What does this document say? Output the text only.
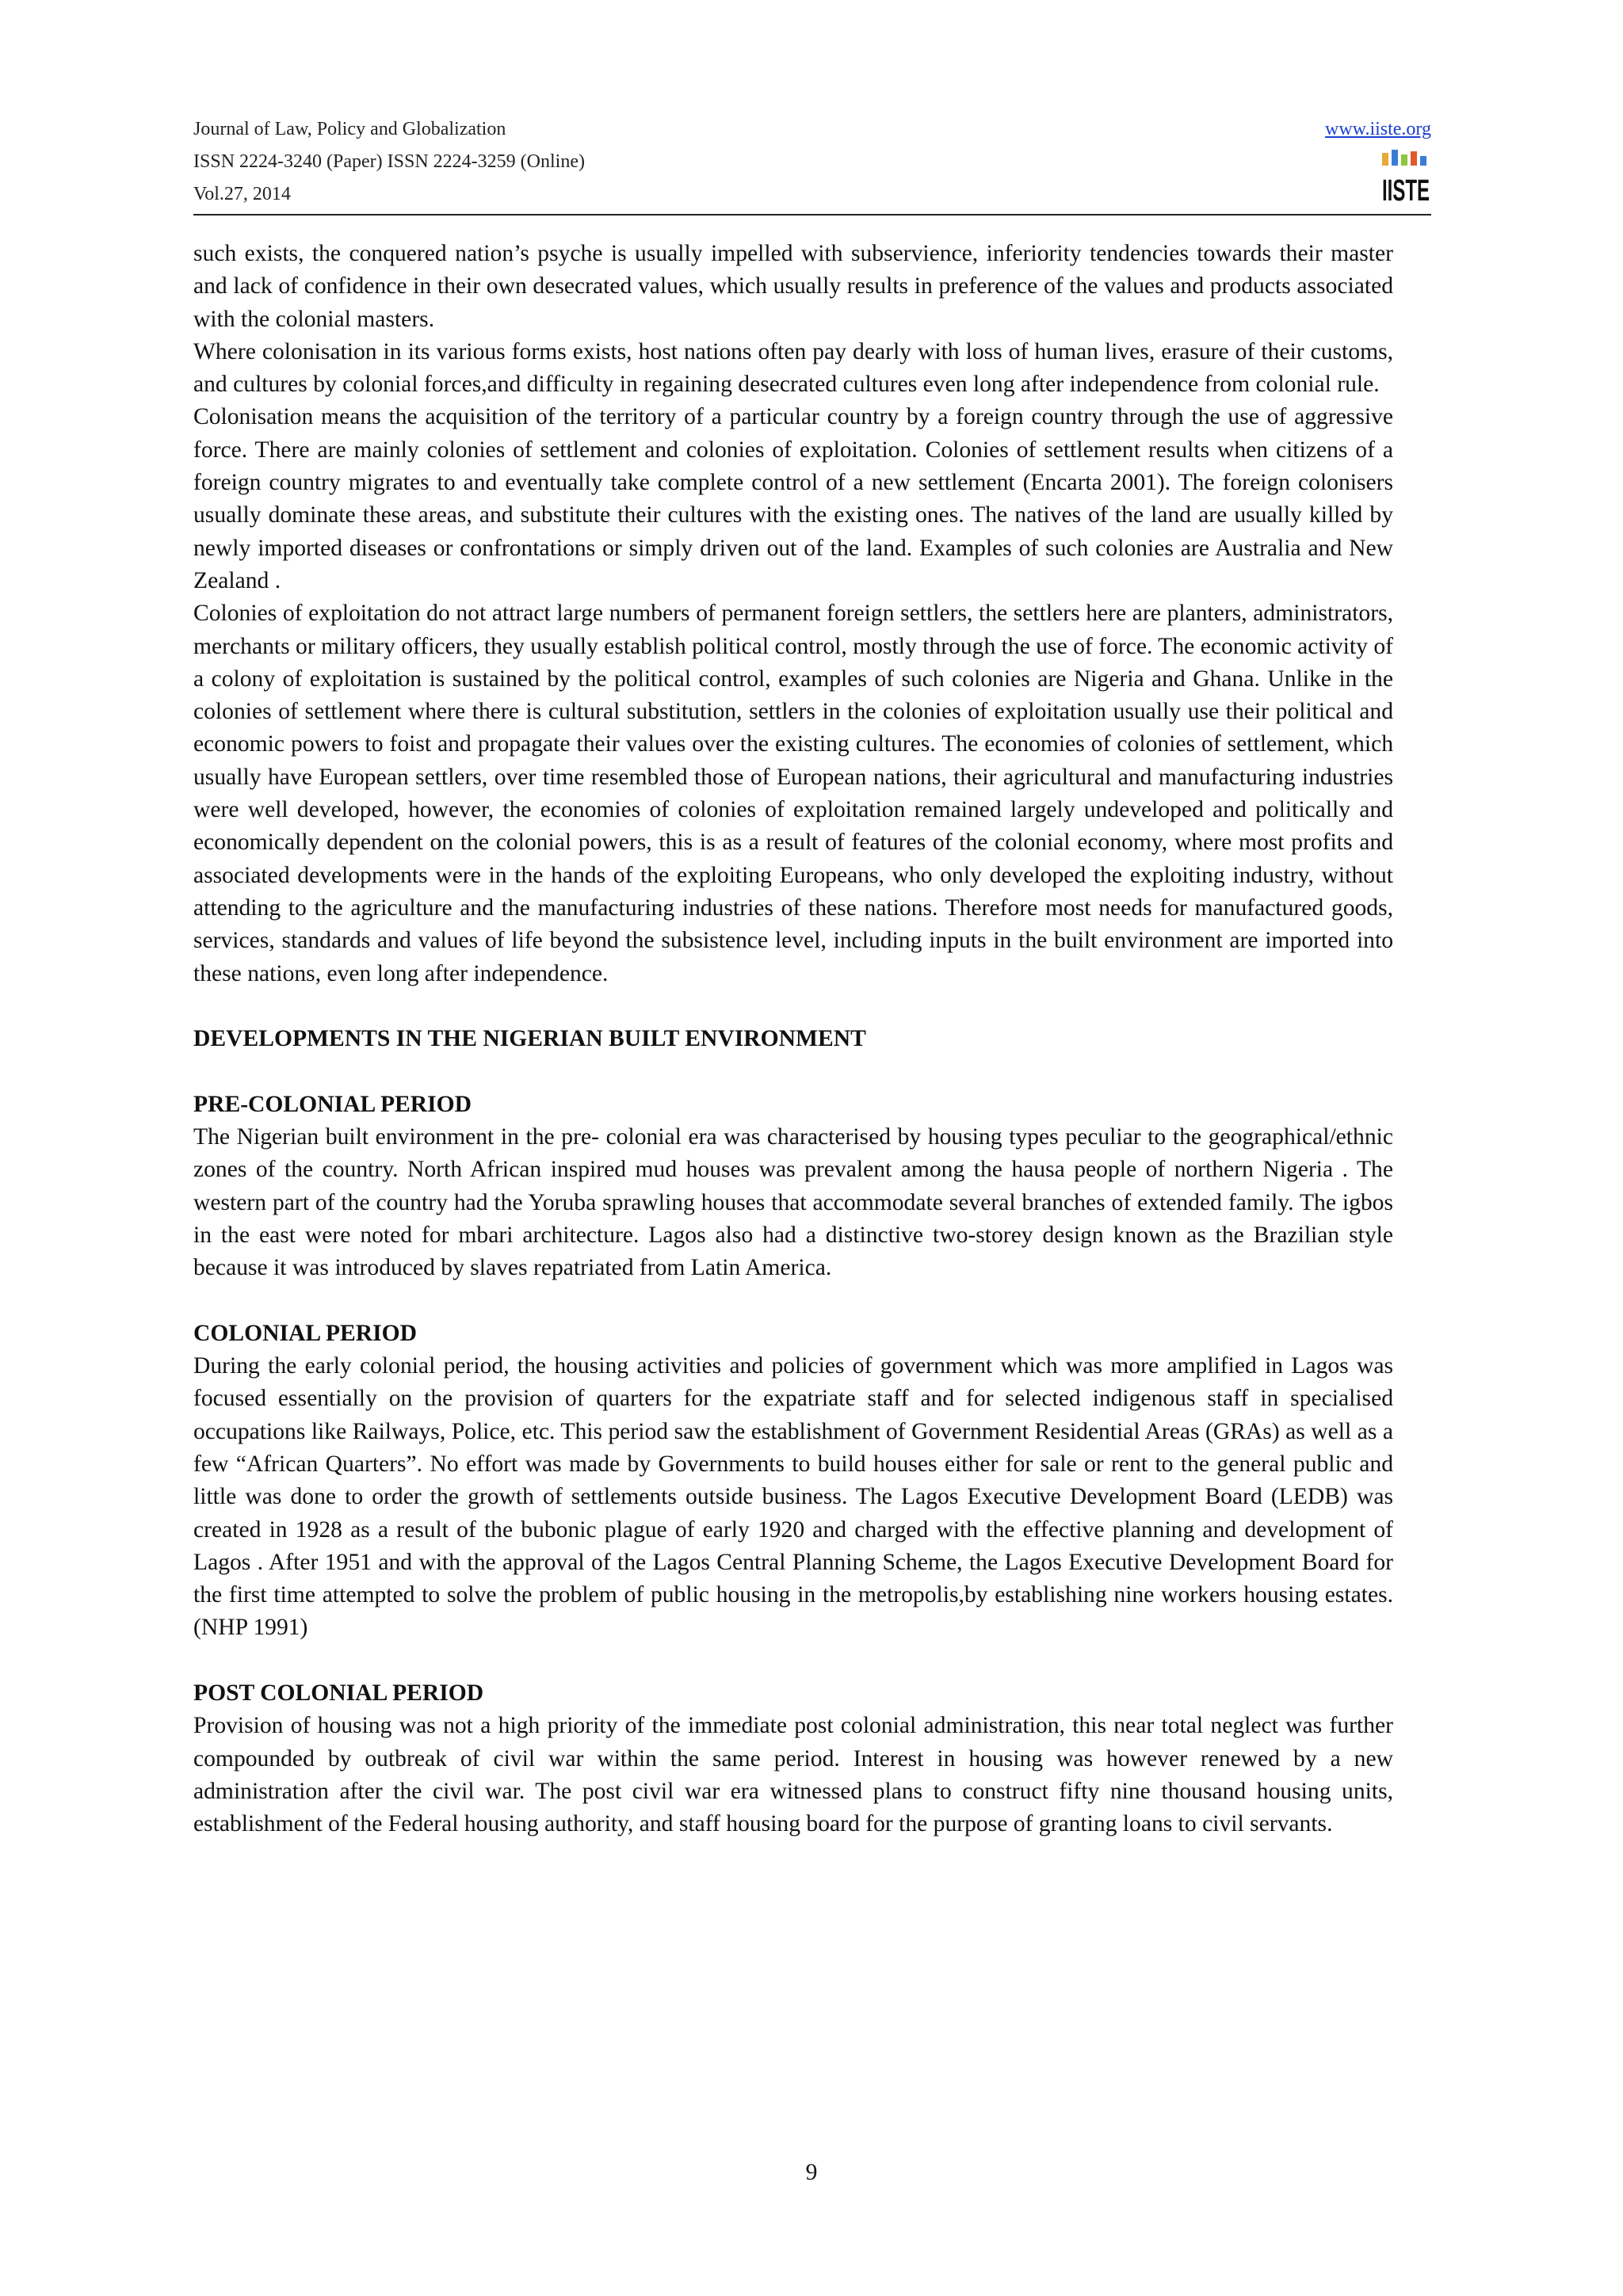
Journal of Law, Policy and Globalization
ISSN 2224-3240 (Paper) ISSN 2224-3259 (Online)
Vol.27, 2014
www.iiste.org
IISTE

such exists, the conquered nation’s psyche is usually impelled with subservience, inferiority tendencies towards their master and lack of confidence in their own desecrated values, which usually results in preference of the values and products associated with the colonial masters.

Where colonisation in its various forms exists, host nations often pay dearly with loss of human lives, erasure of their customs, and cultures by colonial forces,and difficulty in regaining desecrated cultures even long after independence from colonial rule.

Colonisation means the acquisition of the territory of a particular country by a foreign country through the use of aggressive force. There are mainly colonies of settlement and colonies of exploitation. Colonies of settlement results when citizens of a foreign country migrates to and eventually take complete control of a new settlement (Encarta 2001). The foreign colonisers usually dominate these areas, and substitute their cultures with the existing ones. The natives of the land are usually killed by newly imported diseases or confrontations or simply driven out of the land. Examples of such colonies are Australia and New Zealand .

Colonies of exploitation do not attract large numbers of permanent foreign settlers, the settlers here are planters, administrators, merchants or military officers, they usually establish political control, mostly through the use of force. The economic activity of a colony of exploitation is sustained by the political control, examples of such colonies are Nigeria and Ghana. Unlike in the colonies of settlement where there is cultural substitution, settlers in the colonies of exploitation usually use their political and economic powers to foist and propagate their values over the existing cultures. The economies of colonies of settlement, which usually have European settlers, over time resembled those of European nations, their agricultural and manufacturing industries were well developed, however, the economies of colonies of exploitation remained largely undeveloped and politically and economically dependent on the colonial powers, this is as a result of features of the colonial economy, where most profits and associated developments were in the hands of the exploiting Europeans, who only developed the exploiting industry, without attending to the agriculture and the manufacturing industries of these nations. Therefore most needs for manufactured goods, services, standards and values of life beyond the subsistence level, including inputs in the built environment are imported into these nations, even long after independence.

DEVELOPMENTS IN THE NIGERIAN BUILT ENVIRONMENT
PRE-COLONIAL PERIOD

The Nigerian built environment in the pre- colonial era was characterised by housing types peculiar to the geographical/ethnic zones of the country. North African inspired mud houses was prevalent among the hausa people of northern Nigeria . The western part of the country had the Yoruba sprawling houses that accommodate several branches of extended family. The igbos in the east were noted for mbari architecture. Lagos also had a distinctive two-storey design known as the Brazilian style because it was introduced by slaves repatriated from Latin America.

COLONIAL PERIOD

During the early colonial period, the housing activities and policies of government which was more amplified in Lagos was focused essentially on the provision of quarters for the expatriate staff and for selected indigenous staff in specialised occupations like Railways, Police, etc. This period saw the establishment of Government Residential Areas (GRAs) as well as a few “African Quarters”. No effort was made by Governments to build houses either for sale or rent to the general public and little was done to order the growth of settlements outside business. The Lagos Executive Development Board (LEDB) was created in 1928 as a result of the bubonic plague of early 1920 and charged with the effective planning and development of Lagos . After 1951 and with the approval of the Lagos Central Planning Scheme, the Lagos Executive Development Board for the first time attempted to solve the problem of public housing in the metropolis,by establishing nine workers housing estates.(NHP 1991)

POST COLONIAL PERIOD

Provision of housing was not a high priority of the immediate post colonial administration, this near total neglect was further compounded by outbreak of civil war within the same period. Interest in housing was however renewed by a new administration after the civil war. The post civil war era witnessed plans to construct fifty nine thousand housing units, establishment of the Federal housing authority, and staff housing board for the purpose of granting loans to civil servants.

9
